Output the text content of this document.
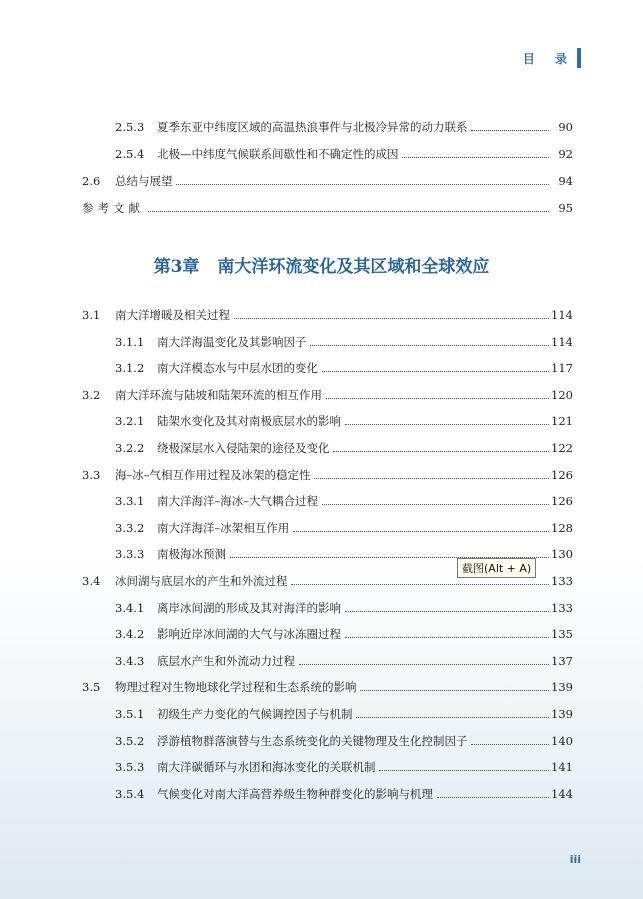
目 录
2.5.3 夏季东亚中纬度区域的高温热浪事件与北极冷异常的动力联系	90
2.5.4 北极—中纬度气候联系间歇性和不确定性的成因	92
2.6 总结与展望	94
参考文献	95
第3章 南大洋环流变化及其区域和全球效应
3.1 南大洋增暖及相关过程	114
3.1.1 南大洋海温变化及其影响因子	114
3.1.2 南大洋模态水与中层水团的变化	117
3.2 南大洋环流与陆坡和陆架环流的相互作用	120
3.2.1 陆架水变化及其对南极底层水的影响	121
3.2.2 绕极深层水入侵陆架的途径及变化	122
3.3 海–冰–气相互作用过程及冰架的稳定性	126
3.3.1 南大洋海洋–海冰–大气耦合过程	126
3.3.2 南大洋海洋–冰架相互作用	128
3.3.3 南极海冰预测	130
3.4 冰间湖与底层水的产生和外流过程	133
3.4.1 离岸冰间湖的形成及其对海洋的影响	133
3.4.2 影响近岸冰间湖的大气与冰冻圈过程	135
3.4.3 底层水产生和外流动力过程	137
3.5 物理过程对生物地球化学过程和生态系统的影响	139
3.5.1 初级生产力变化的气候调控因子与机制	139
3.5.2 浮游植物群落演替与生态系统变化的关键物理及生化控制因子	140
3.5.3 南大洋碳循环与水团和海冰变化的关联机制	141
3.5.4 气候变化对南大洋高营养级生物种群变化的影响与机理	144
截图(Alt + A)
iii
